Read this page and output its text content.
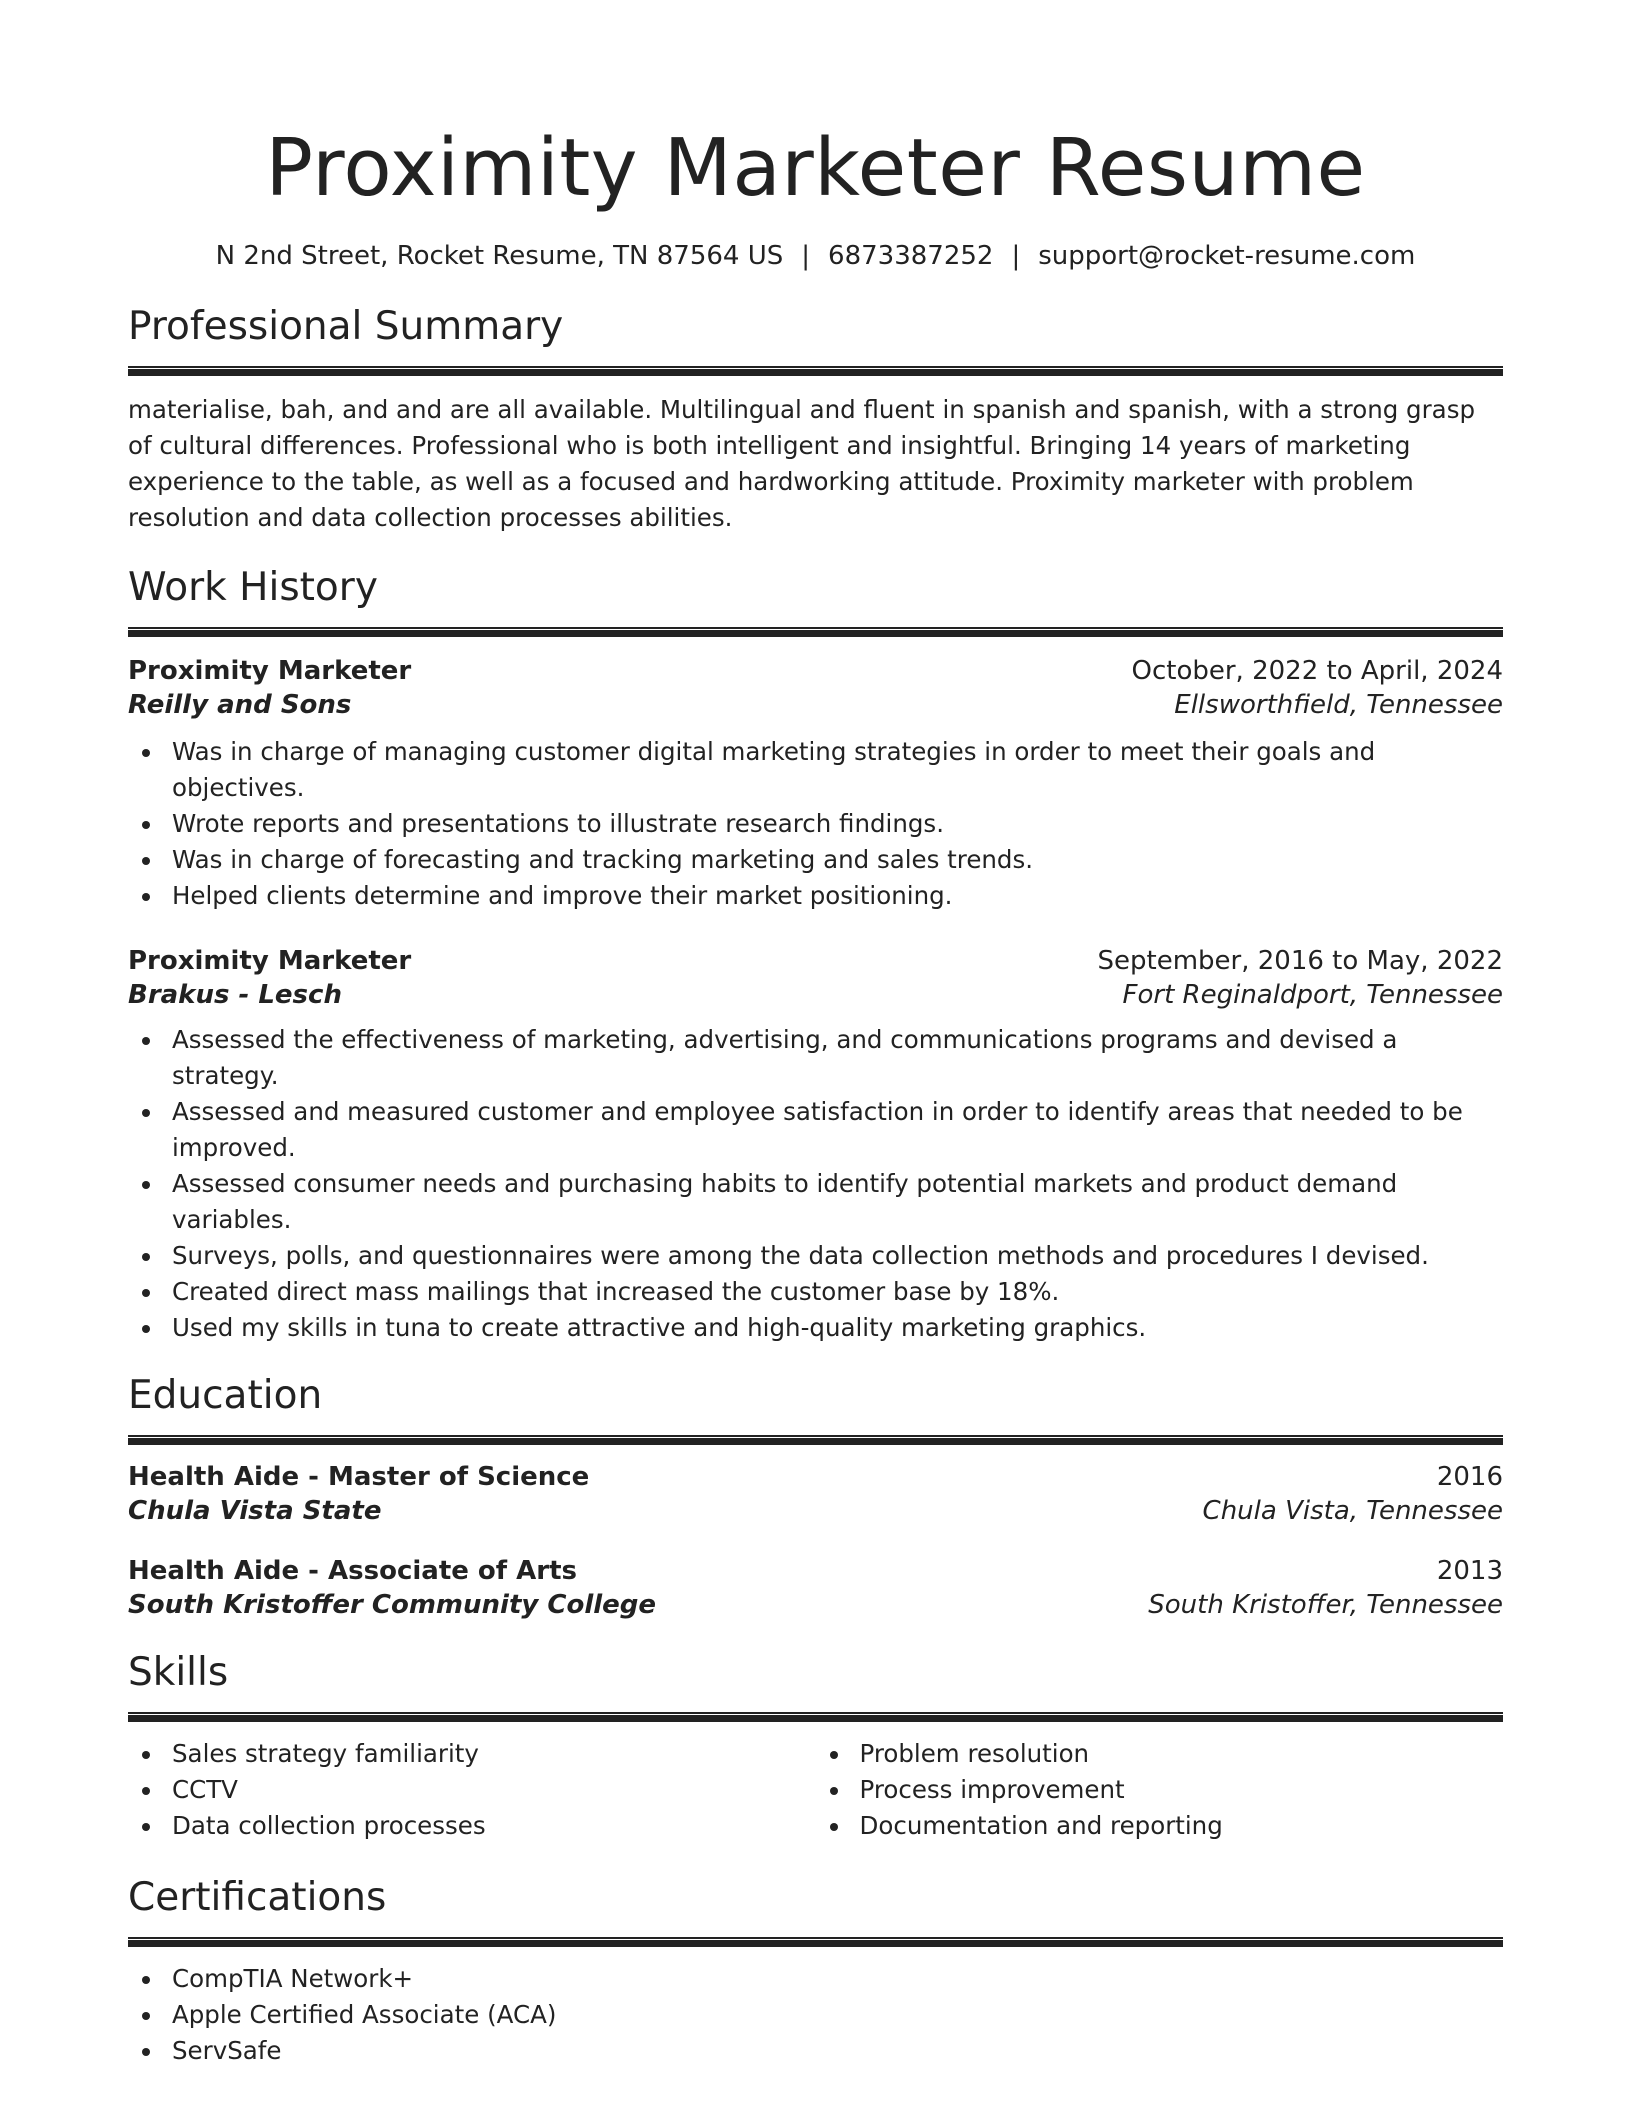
Proximity Marketer Resume
N 2nd Street, Rocket Resume, TN 87564 US | 6873387252 | support@rocket-resume.com
Professional Summary

materialise, bah, and and are all available. Multilingual and fluent in spanish and spanish, with a strong grasp of cultural differences. Professional who is both intelligent and insightful. Bringing 14 years of marketing experience to the table, as well as a focused and hardworking attitude. Proximity marketer with problem resolution and data collection processes abilities.

Work History
Proximity Marketer	October, 2022 to April, 2024
Reilly and Sons	Ellsworthfield, Tennessee
Was in charge of managing customer digital marketing strategies in order to meet their goals and objectives.
Wrote reports and presentations to illustrate research findings.
Was in charge of forecasting and tracking marketing and sales trends.
Helped clients determine and improve their market positioning.
Proximity Marketer	September, 2016 to May, 2022
Brakus - Lesch	Fort Reginaldport, Tennessee
Assessed the effectiveness of marketing, advertising, and communications programs and devised a strategy.
Assessed and measured customer and employee satisfaction in order to identify areas that needed to be improved.
Assessed consumer needs and purchasing habits to identify potential markets and product demand variables.
Surveys, polls, and questionnaires were among the data collection methods and procedures I devised.
Created direct mass mailings that increased the customer base by 18%.
Used my skills in tuna to create attractive and high-quality marketing graphics.
Education
Health Aide - Master of Science	2016
Chula Vista State	Chula Vista, Tennessee
Health Aide - Associate of Arts	2013
South Kristoffer Community College	South Kristoffer, Tennessee
Skills
Sales strategy familiarity
CCTV
Data collection processes
Problem resolution
Process improvement
Documentation and reporting
Certifications
CompTIA Network+
Apple Certified Associate (ACA)
ServSafe
